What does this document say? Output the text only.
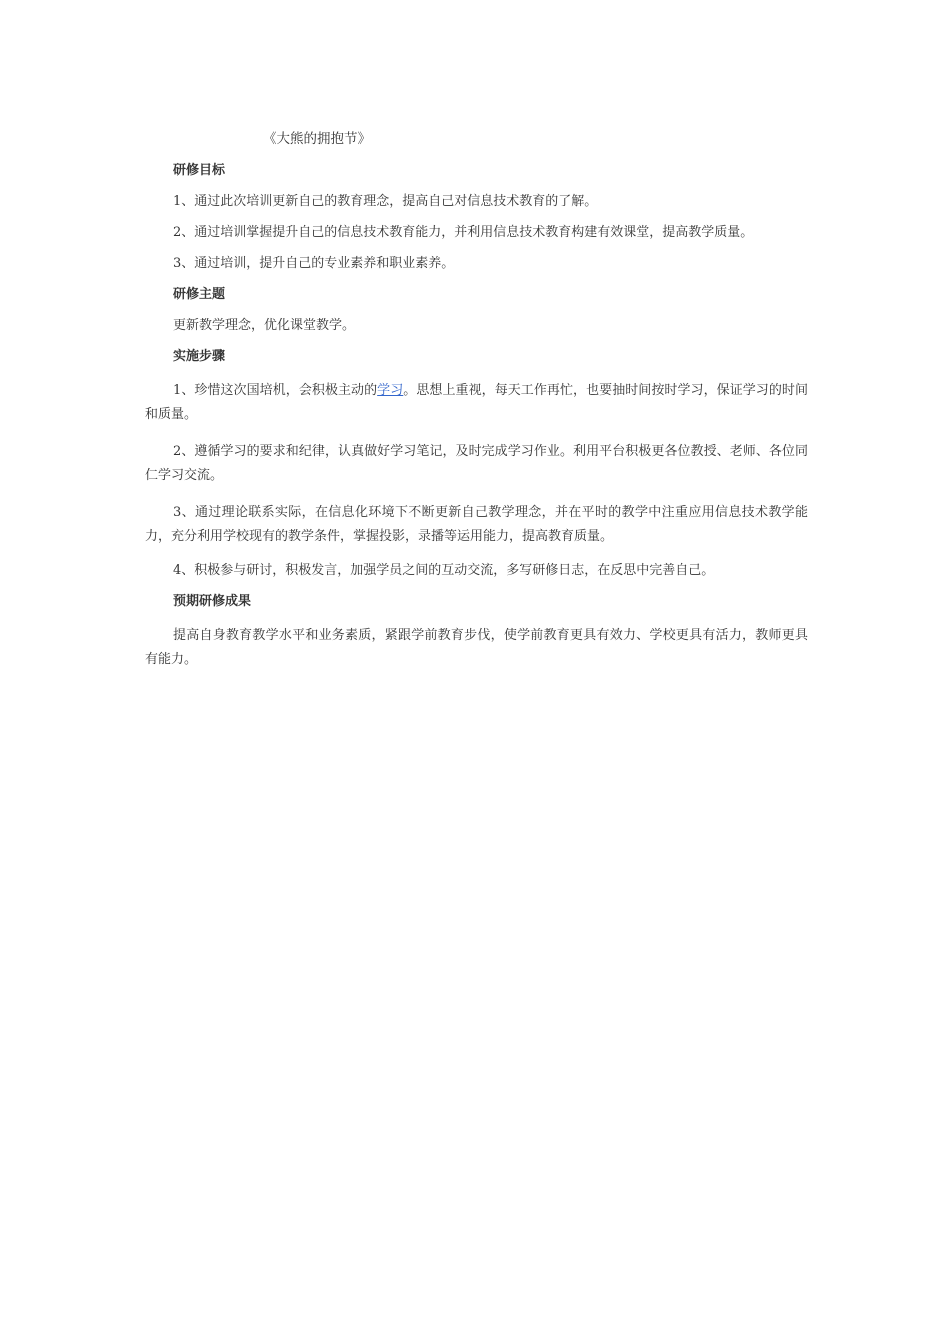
《大熊的拥抱节》
研修目标

1、通过此次培训更新自己的教育理念，提高自己对信息技术教育的了解。

2、通过培训掌握提升自己的信息技术教育能力，并利用信息技术教育构建有效课堂，提高教学质量。

3、通过培训，提升自己的专业素养和职业素养。

研修主题

更新教学理念，优化课堂教学。

实施步骤

1、珍惜这次国培机，会积极主动的学习。思想上重视，每天工作再忙，也要抽时间按时学习，保证学习的时间和质量。

2、遵循学习的要求和纪律，认真做好学习笔记，及时完成学习作业。利用平台积极更各位教授、老师、各位同仁学习交流。

3、通过理论联系实际，在信息化环境下不断更新自己教学理念，并在平时的教学中注重应用信息技术教学能力，充分利用学校现有的教学条件，掌握投影，录播等运用能力，提高教育质量。

4、积极参与研讨，积极发言，加强学员之间的互动交流，多写研修日志，在反思中完善自己。

预期研修成果

提高自身教育教学水平和业务素质，紧跟学前教育步伐，使学前教育更具有效力、学校更具有活力，教师更具有能力。
